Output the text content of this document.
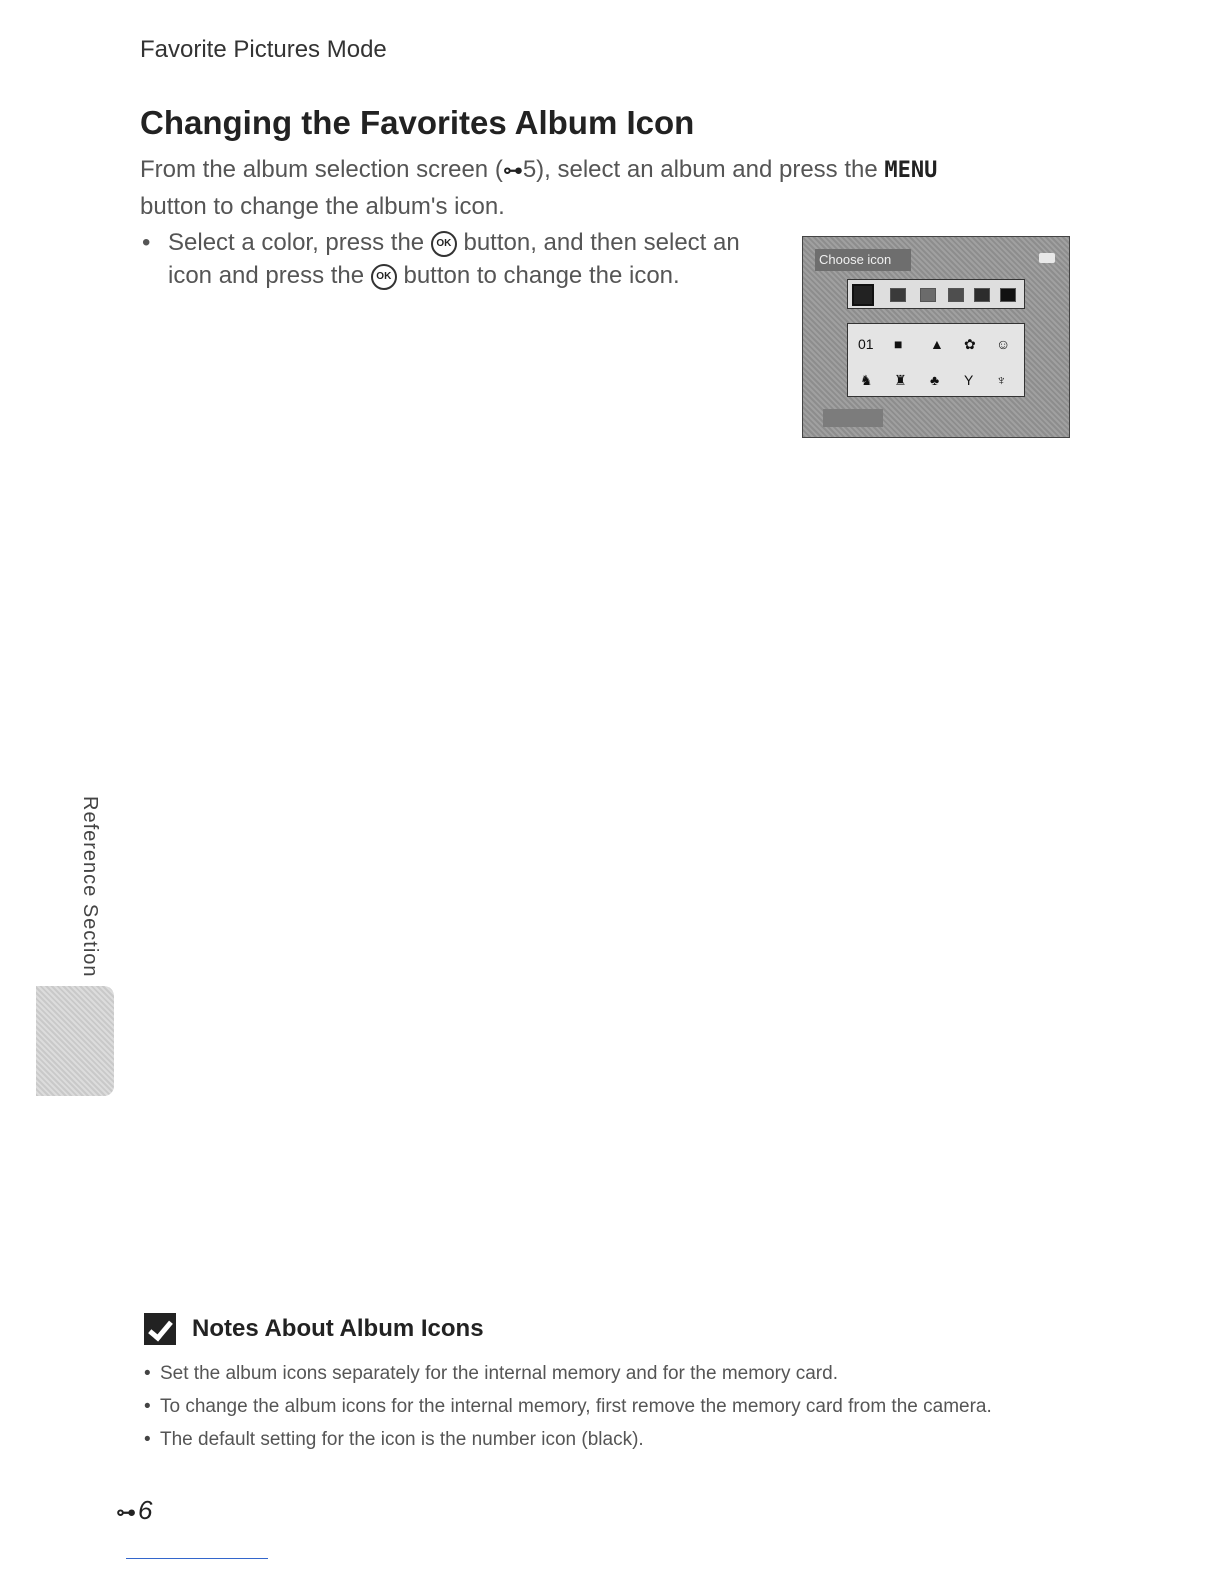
Favorite Pictures Mode
Changing the Favorites Album Icon
From the album selection screen (⊶5), select an album and press the MENU
button to change the album's icon.
• Select a color, press the OK button, and then select an icon and press the OK button to change the icon.
Choose icon
01 ■ ▲ ✿ ☺
♞ ♜ ♣ Y ♆
Reference Section
Notes About Album Icons
• Set the album icons separately for the internal memory and for the memory card.
• To change the album icons for the internal memory, first remove the memory card from the camera.
• The default setting for the icon is the number icon (black).
⊶6
